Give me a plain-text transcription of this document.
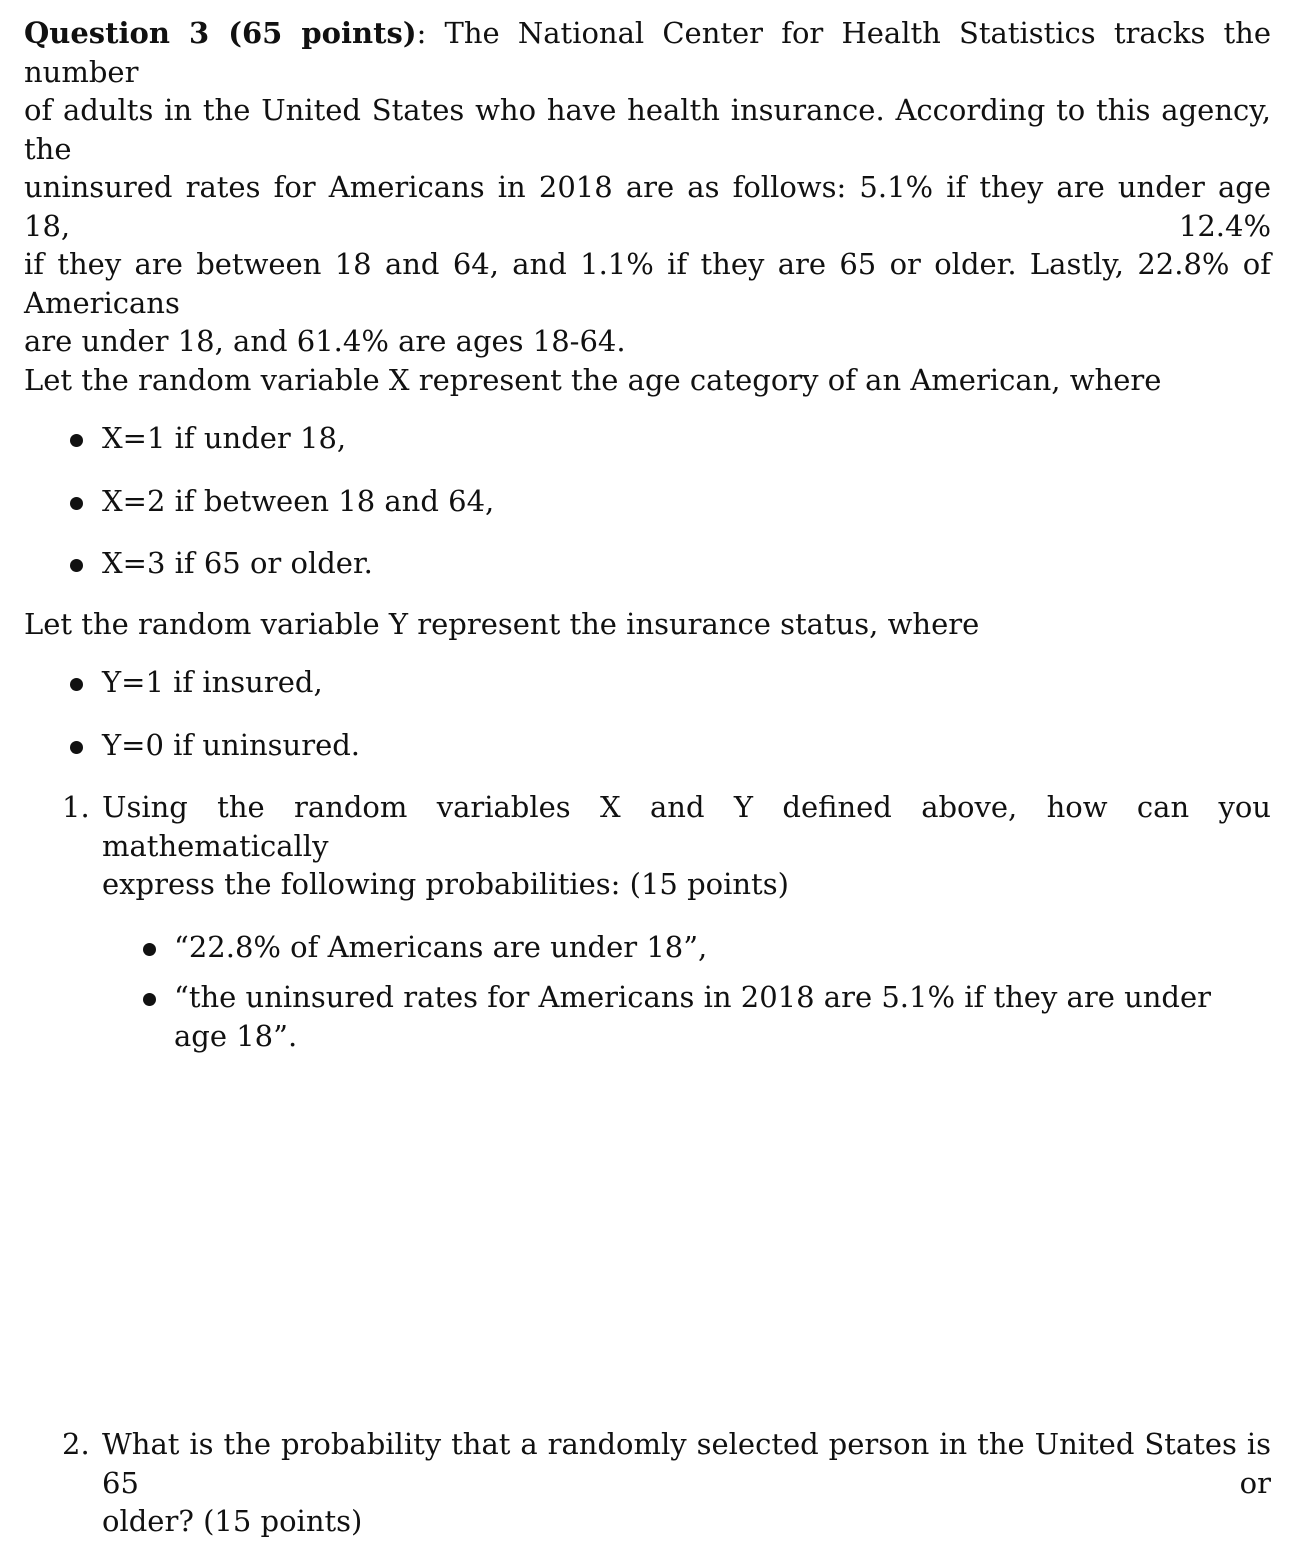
Question 3 (65 points): The National Center for Health Statistics tracks the number

of adults in the United States who have health insurance. According to this agency, the

uninsured rates for Americans in 2018 are as follows: 5.1% if they are under age 18, 12.4%

if they are between 18 and 64, and 1.1% if they are 65 or older. Lastly, 22.8% of Americans

are under 18, and 61.4% are ages 18-64.

Let the random variable X represent the age category of an American, where

X=1 if under 18,
X=2 if between 18 and 64,
X=3 if 65 or older.

Let the random variable Y represent the insurance status, where

Y=1 if insured,
Y=0 if uninsured.
1. Using the random variables X and Y defined above, how can you mathematically

express the following probabilities: (15 points)

“22.8% of Americans are under 18”,
“the uninsured rates for Americans in 2018 are 5.1% if they are under age 18”.
2. What is the probability that a randomly selected person in the United States is 65 or

older? (15 points)
